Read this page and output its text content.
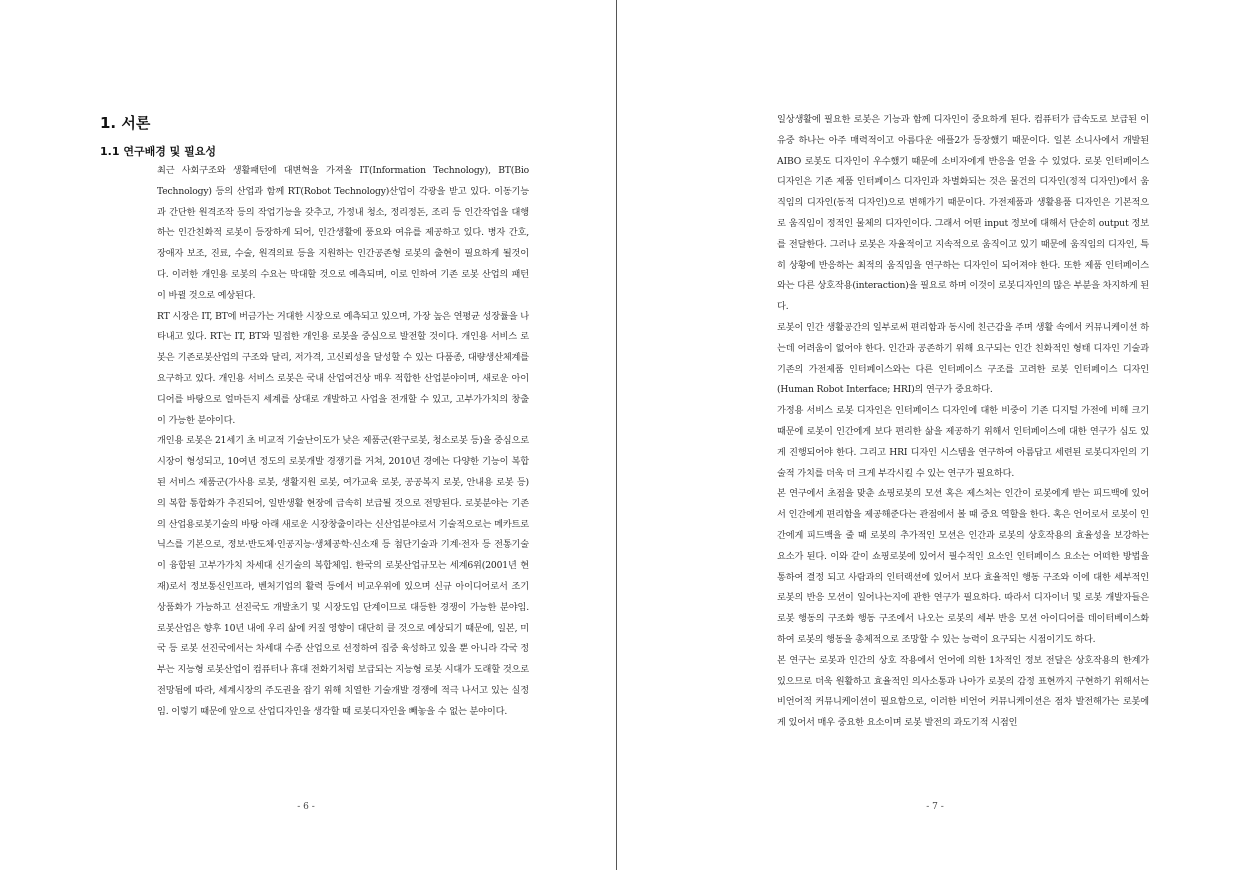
1. 서론
1.1 연구배경 및 필요성

최근 사회구조와 생활패턴에 대변혁을 가져올 IT(Information Technology), BT(Bio Technology) 등의 산업과 함께 RT(Robot Technology)산업이 각광을 받고 있다. 이동기능과 간단한 원격조작 등의 작업기능을 갖추고, 가정내 청소, 정리정돈, 조리 등 인간작업을 대행하는 인간친화적 로봇이 등장하게 되어, 인간생활에 풍요와 여유를 제공하고 있다. 병자 간호, 장애자 보조, 진료, 수술, 원격의료 등을 지원하는 인간공존형 로봇의 출현이 필요하게 될것이다. 이러한 개인용 로봇의 수요는 막대할 것으로 예측되며, 이로 인하여 기존 로봇 산업의 패턴이 바뀔 것으로 예상된다.

RT 시장은 IT, BT에 버금가는 거대한 시장으로 예측되고 있으며, 가장 높은 연평균 성장률을 나타내고 있다. RT는 IT, BT와 밀접한 개인용 로봇을 중심으로 발전할 것이다. 개인용 서비스 로봇은 기존로봇산업의 구조와 달리, 저가격, 고신뢰성을 달성할 수 있는 다품종, 대량생산체계를 요구하고 있다. 개인용 서비스 로봇은 국내 산업여건상 매우 적합한 산업분야이며, 새로운 아이디어를 바탕으로 얼마든지 세계를 상대로 개발하고 사업을 전개할 수 있고, 고부가가치의 창출이 가능한 분야이다.

개인용 로봇은 21세기 초 비교적 기술난이도가 낮은 제품군(완구로봇, 청소로봇 등)을 중심으로 시장이 형성되고, 10여년 정도의 로봇개발 경쟁기를 거쳐, 2010년 경에는 다양한 기능이 복합된 서비스 제품군(가사용 로봇, 생활지원 로봇, 여가교육 로봇, 공공복지 로봇, 안내용 로봇 등)의 복합 통합화가 추진되어, 일반생활 현장에 급속히 보급될 것으로 전망된다. 로봇분야는 기존의 산업용로봇기술의 바탕 아래 새로운 시장창출이라는 신산업분야로서 기술적으로는 메카트로닉스를 기본으로, 정보·반도체·인공지능·생체공학·신소재 등 첨단기술과 기계·전자 등 전통기술이 융합된 고부가가치 차세대 신기술의 복합체임. 한국의 로봇산업규모는 세계6위(2001년 현재)로서 정보통신인프라, 벤처기업의 활력 등에서 비교우위에 있으며 신규 아이디어로서 조기 상품화가 가능하고 선진국도 개발초기 및 시장도입 단계이므로 대등한 경쟁이 가능한 분야임. 로봇산업은 향후 10년 내에 우리 삶에 커질 영향이 대단히 클 것으로 예상되기 때문에, 일본, 미국 등 로봇 선진국에서는 차세대 수종 산업으로 선정하여 집중 육성하고 있을 뿐 아니라 각국 정부는 지능형 로봇산업이 컴퓨터나 휴대 전화기처럼 보급되는 지능형 로봇 시대가 도래할 것으로 전망됨에 따라, 세계시장의 주도권을 잡기 위해 치열한 기술개발 경쟁에 적극 나서고 있는 실정임. 이렇기 때문에 앞으로 산업디자인을 생각할 때 로봇디자인을 빼놓을 수 없는 분야이다.

- 6 -

일상생활에 필요한 로봇은 기능과 함께 디자인이 중요하게 된다. 컴퓨터가 급속도로 보급된 이유중 하나는 아주 매력적이고 아름다운 애플2가 등장했기 때문이다. 일본 소니사에서 개발된 AIBO 로봇도 디자인이 우수했기 때문에 소비자에게 반응을 얻을 수 있었다. 로봇 인터페이스 디자인은 기존 제품 인터페이스 디자인과 차별화되는 것은 물건의 디자인(정적 디자인)에서 움직임의 디자인(동적 디자인)으로 변해가기 때문이다. 가전제품과 생활용품 디자인은 기본적으로 움직임이 정적인 물체의 디자인이다. 그래서 어떤 input 정보에 대해서 단순히 output 정보를 전달한다. 그러나 로봇은 자율적이고 지속적으로 움직이고 있기 때문에 움직임의 디자인, 특히 상황에 반응하는 최적의 움직임을 연구하는 디자인이 되어져야 한다. 또한 제품 인터페이스와는 다른 상호작용(interaction)을 필요로 하며 이것이 로봇디자인의 많은 부분을 차지하게 된다.

로봇이 인간 생활공간의 일부로써 편리함과 동시에 친근감을 주며 생활 속에서 커뮤니케이션 하는데 어려움이 없어야 한다. 인간과 공존하기 위해 요구되는 인간 친화적인 형태 디자인 기술과 기존의 가전제품 인터페이스와는 다른 인터페이스 구조를 고려한 로봇 인터페이스 디자인(Human Robot Interface; HRI)의 연구가 중요하다.

가정용 서비스 로봇 디자인은 인터페이스 디자인에 대한 비중이 기존 디지털 가전에 비해 크기 때문에 로봇이 인간에게 보다 편리한 삶을 제공하기 위해서 인터페이스에 대한 연구가 심도 있게 진행되어야 한다. 그리고 HRI 디자인 시스템을 연구하여 아름답고 세련된 로봇디자인의 기술적 가치를 더욱 더 크게 부각시킬 수 있는 연구가 필요하다.

본 연구에서 초점을 맞춘 쇼핑로봇의 모션 혹은 제스처는 인간이 로봇에게 받는 피드백에 있어서 인간에게 편리함을 제공해준다는 관점에서 볼 때 중요 역할을 한다. 혹은 언어로서 로봇이 인간에게 피드백을 줄 때 로봇의 추가적인 모션은 인간과 로봇의 상호작용의 효율성을 보강하는 요소가 된다. 이와 같이 쇼핑로봇에 있어서 필수적인 요소인 인터페이스 요소는 어떠한 방법을 통하여 결정 되고 사람과의 인터랙션에 있어서 보다 효율적인 행동 구조와 이에 대한 세부적인 로봇의 반응 모션이 일어나는지에 관한 연구가 필요하다. 따라서 디자이너 및 로봇 개발자들은 로봇 행동의 구조화 행동 구조에서 나오는 로봇의 세부 반응 모션 아이디어를 데이터베이스화 하여 로봇의 행동을 총체적으로 조망할 수 있는 능력이 요구되는 시점이기도 하다.

본 연구는 로봇과 인간의 상호 작용에서 언어에 의한 1차적인 정보 전달은 상호작용의 한계가 있으므로 더욱 원활하고 효율적인 의사소통과 나아가 로봇의 감정 표현까지 구현하기 위해서는 비언어적 커뮤니케이션이 필요함으로, 이러한 비언어 커뮤니케이션은 점차 발전해가는 로봇에게 있어서 매우 중요한 요소이며 로봇 발전의 과도기적 시점인

- 7 -
